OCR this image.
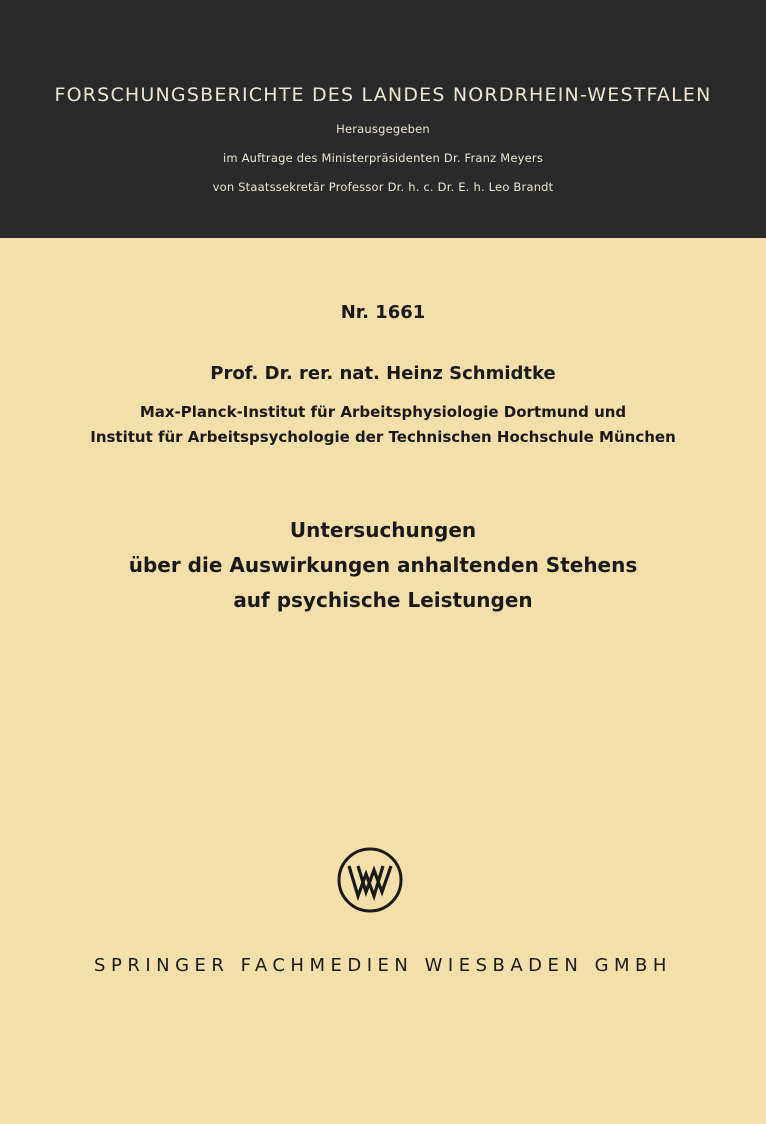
FORSCHUNGSBERICHTE DES LANDES NORDRHEIN-WESTFALEN
Herausgegeben
im Auftrage des Ministerpräsidenten Dr. Franz Meyers
von Staatssekretär Professor Dr. h. c. Dr. E. h. Leo Brandt
Nr. 1661
Prof. Dr. rer. nat. Heinz Schmidtke
Max-Planck-Institut für Arbeitsphysiologie Dortmund und
Institut für Arbeitspsychologie der Technischen Hochschule München
Untersuchungen
über die Auswirkungen anhaltenden Stehens
auf psychische Leistungen
SPRINGER FACHMEDIEN WIESBADEN GMBH
